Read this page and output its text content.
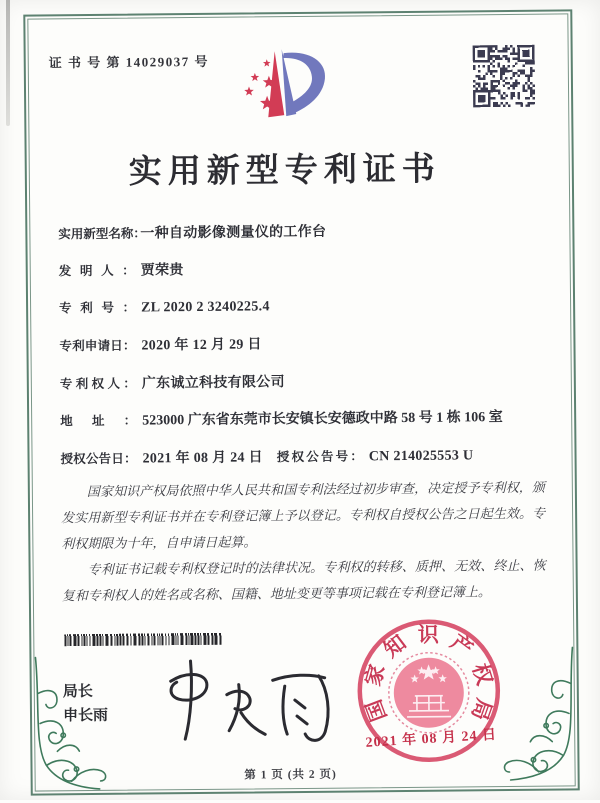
证 书 号 第 14029037 号
实用新型专利证书
实用新型名称：一种自动影像测量仪的工作台
发明人： 贾荣贵
专利号： ZL 2020 2 3240225.4
专利申请日： 2020 年 12 月 29 日
专利权人： 广东诚立科技有限公司
地址： 523000 广东省东莞市长安镇长安德政中路 58 号 1 栋 106 室
授权公告日： 2021 年 08 月 24 日 授权公告号： CN 214025553 U

国家知识产权局依照中华人民共和国专利法经过初步审查，决定授予专利权，颁发实用新型专利证书并在专利登记簿上予以登记。专利权自授权公告之日起生效。专利权期限为十年，自申请日起算。

专利证书记载专利权登记时的法律状况。专利权的转移、质押、无效、终止、恢复和专利权人的姓名或名称、国籍、地址变更等事项记载在专利登记簿上。

局长
申长雨	国
家
知 识 产
权
局
2021 年 08 月 24 日
第 1 页 (共 2 页)
